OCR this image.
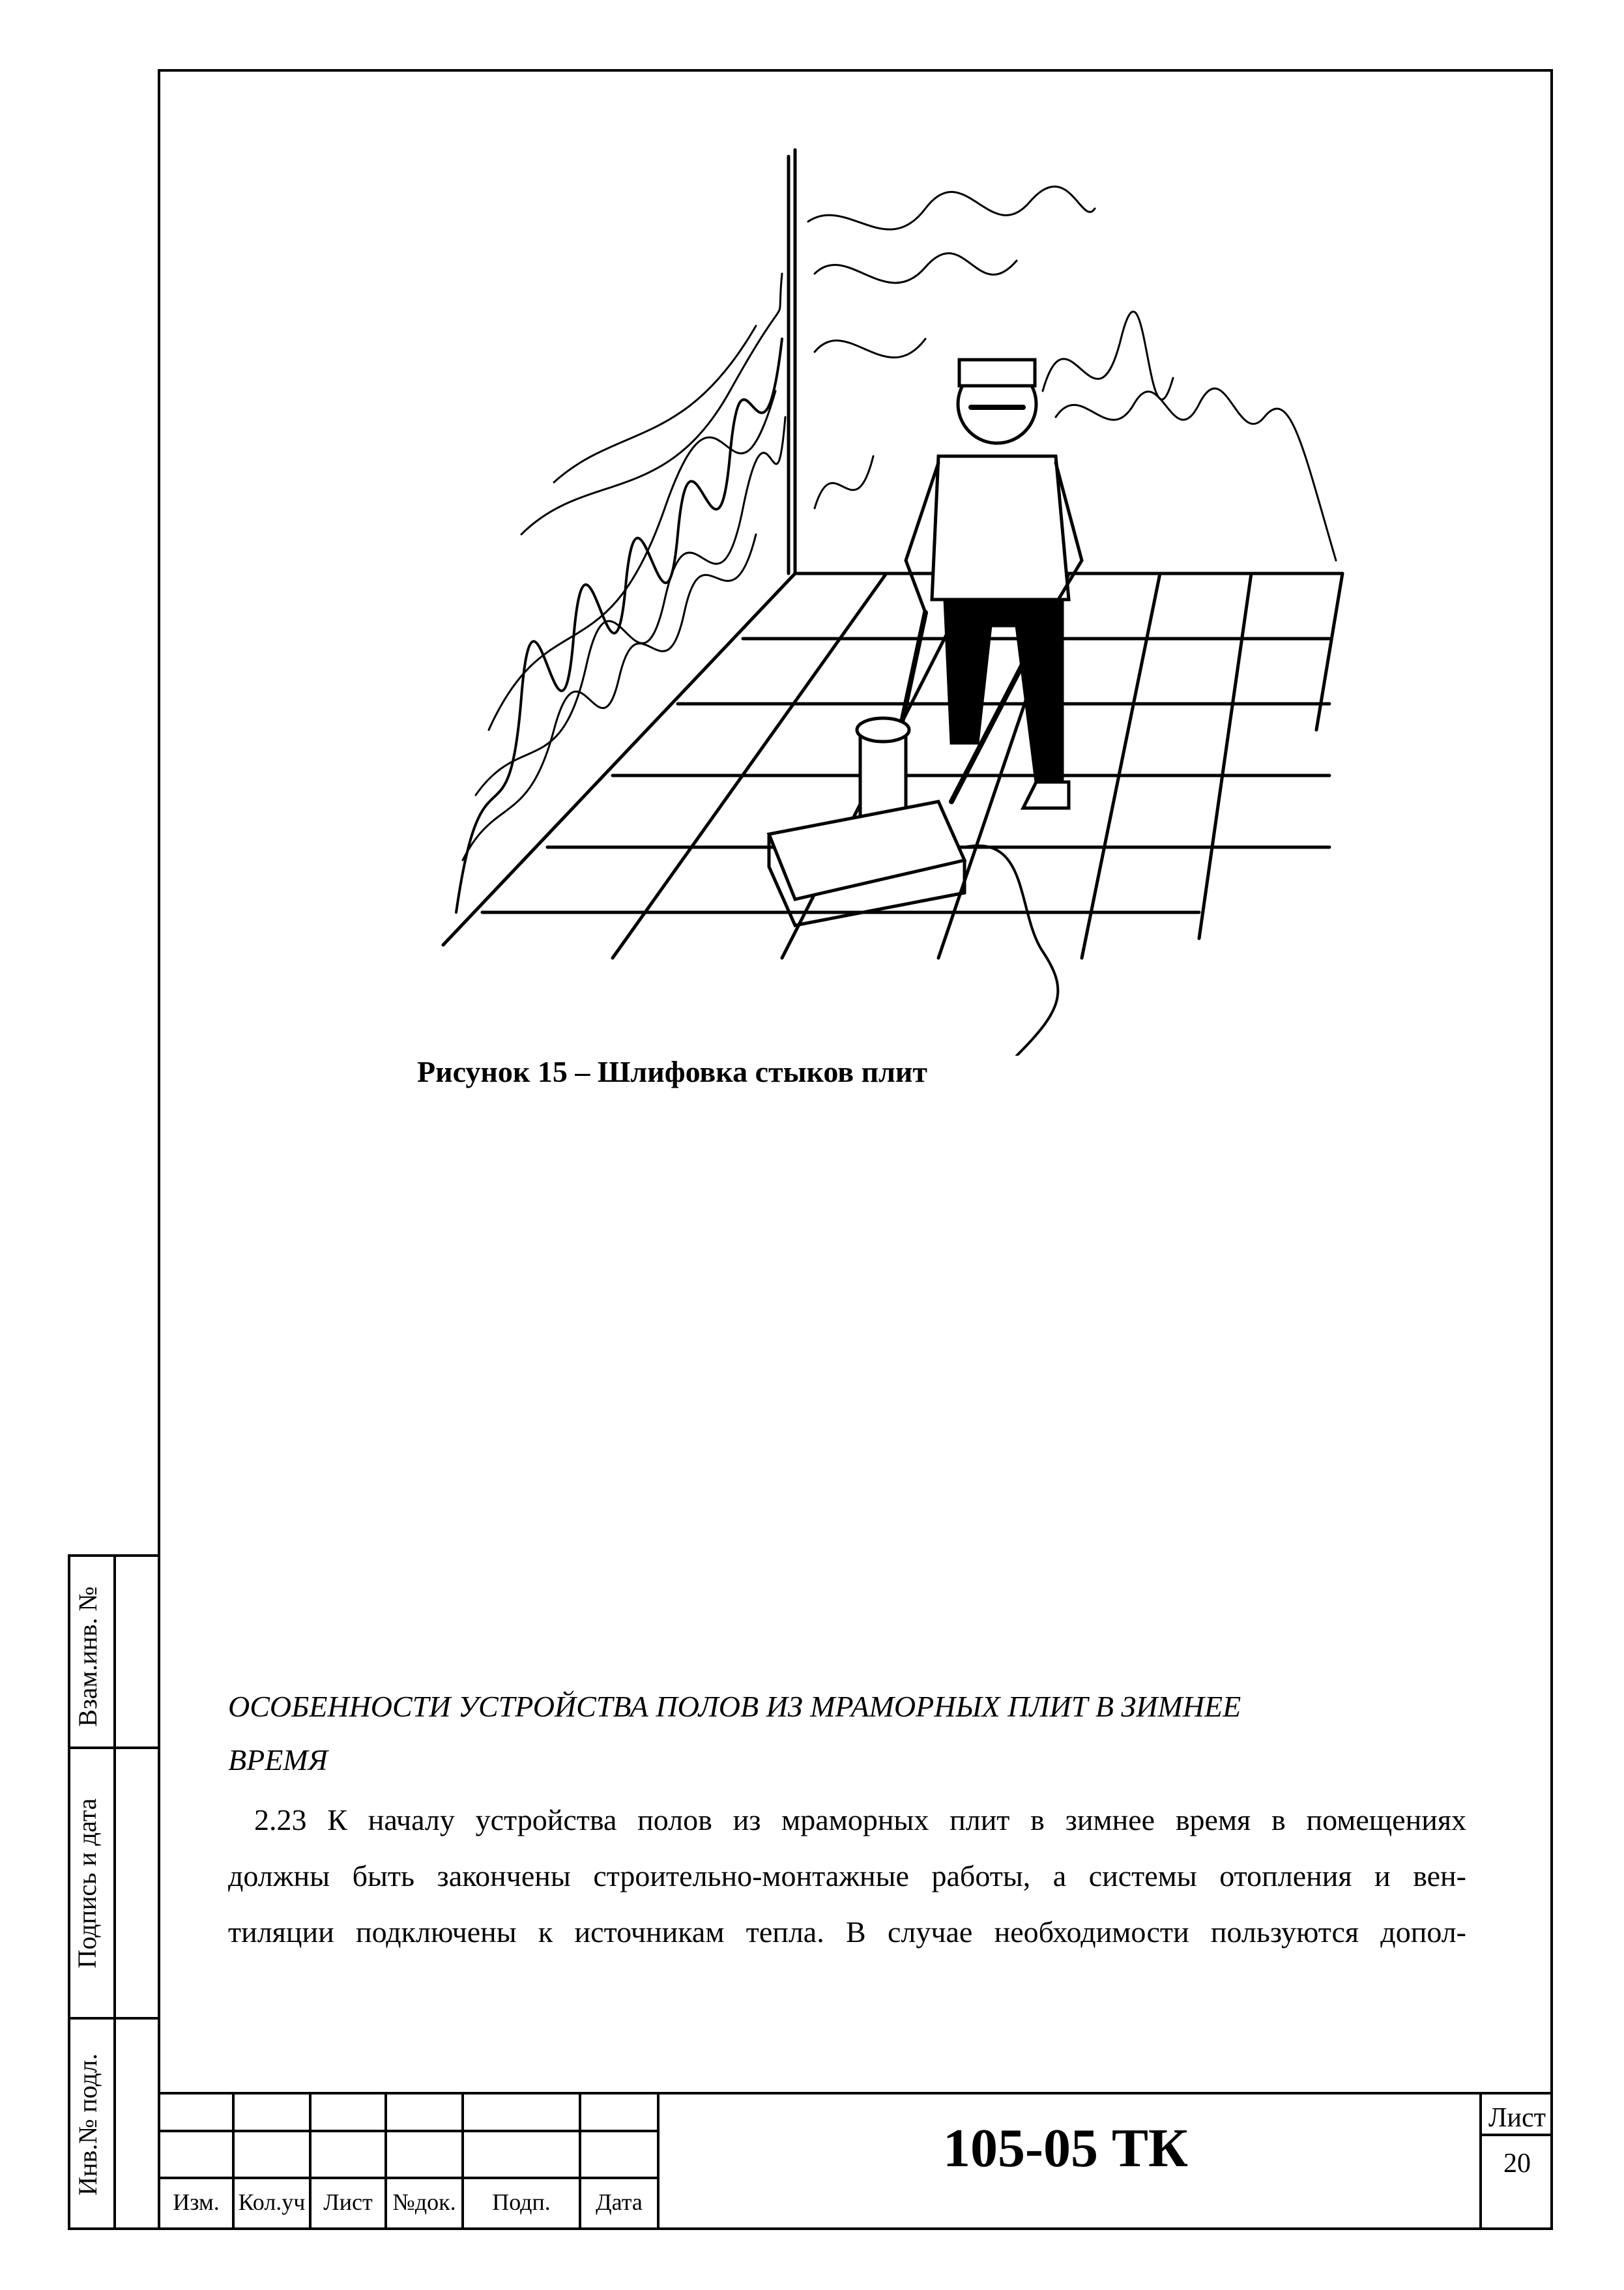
Взам.инв. №
Подпись и дата
Инв.№ подл.
Рисунок 15 – Шлифовка стыков плит
ОСОБЕННОСТИ УСТРОЙСТВА ПОЛОВ ИЗ МРАМОРНЫХ ПЛИТ В ЗИМНЕЕ
ВРЕМЯ
2.23 К началу устройства полов из мраморных плит в зимнее время в помещениях
должны быть закончены строительно-монтажные работы, а системы отопления и вен-
тиляции подключены к источникам тепла. В случае необходимости пользуются допол-
Изм. Кол.уч Лист №док.	Подп.	Дата
105-05 ТК	Лист
20
